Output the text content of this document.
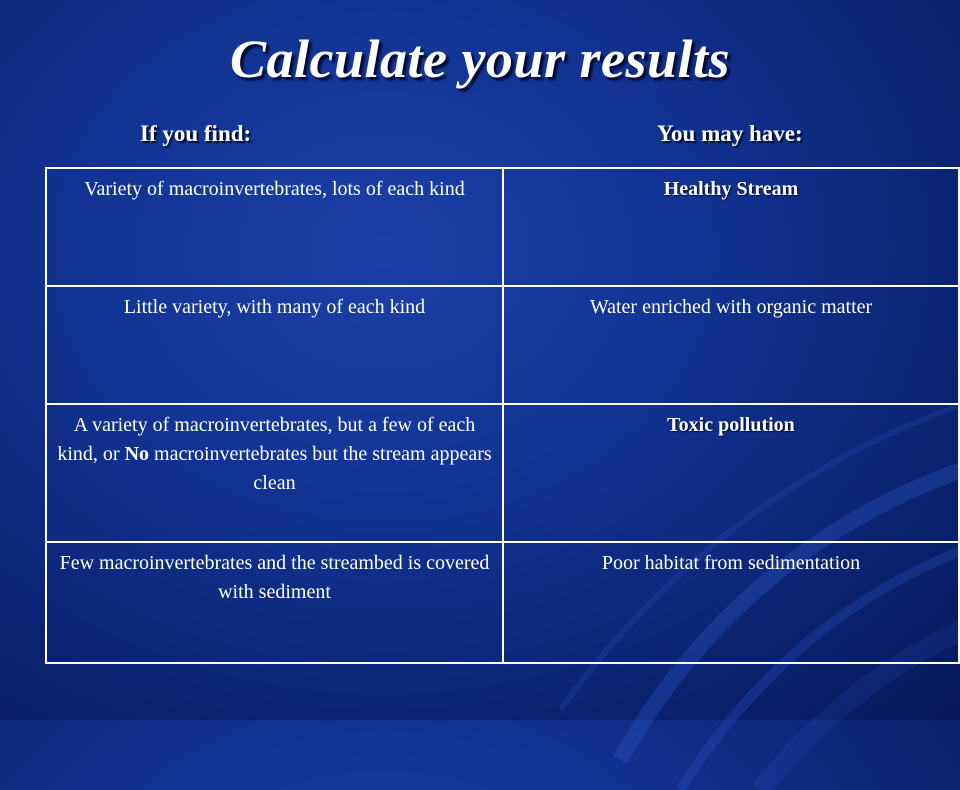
Calculate your results
If you find:	You may have:
Variety of macroinvertebrates, lots of each kind	Healthy Stream
Little variety, with many of each kind	Water enriched with organic matter
A variety of macroinvertebrates, but a few of each kind, or No macroinvertebrates but the stream appears clean	Toxic pollution
Few macroinvertebrates and the streambed is covered with sediment	Poor habitat from sedimentation
